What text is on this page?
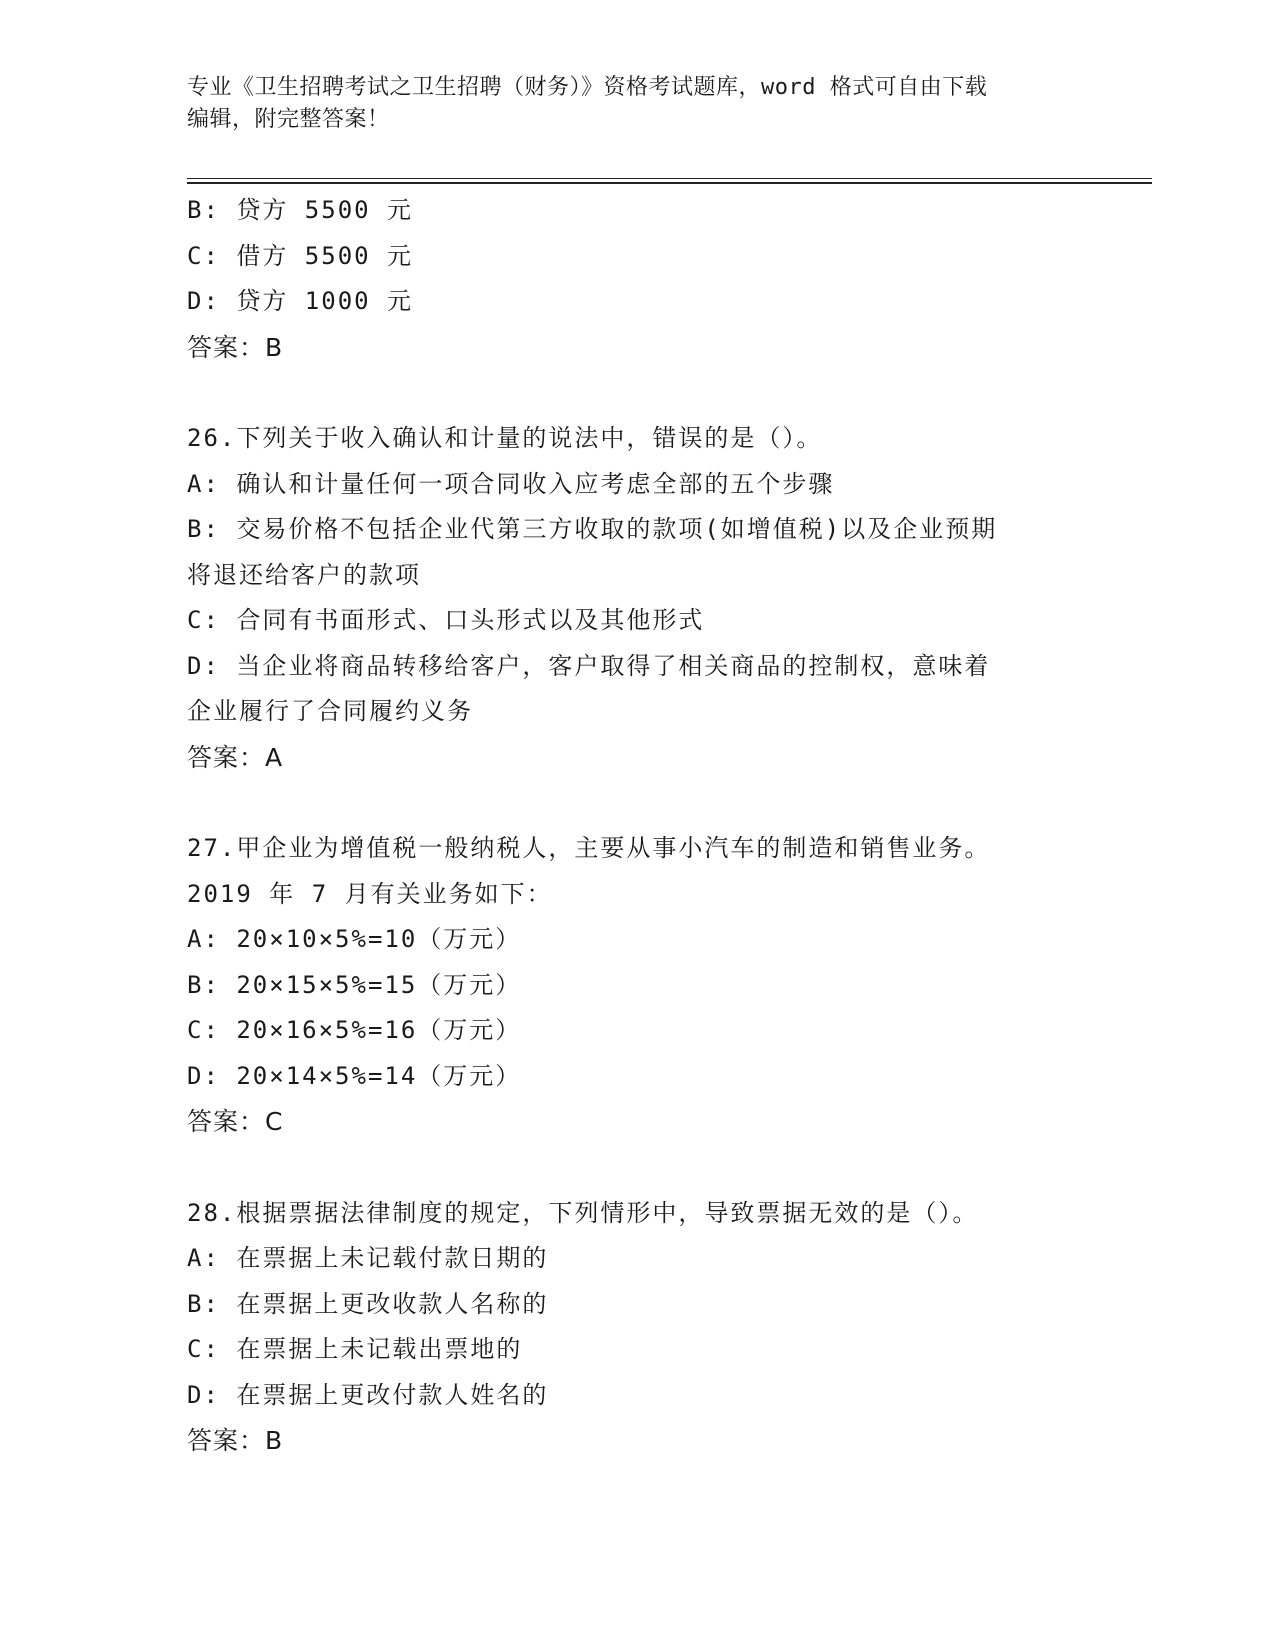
专业《卫生招聘考试之卫生招聘（财务）》资格考试题库，word 格式可自由下载
编辑，附完整答案！
B: 贷方 5500 元
C: 借方 5500 元
D: 贷方 1000 元
答案：B
26.下列关于收入确认和计量的说法中，错误的是（）。
A: 确认和计量任何一项合同收入应考虑全部的五个步骤
B: 交易价格不包括企业代第三方收取的款项(如增值税)以及企业预期
将退还给客户的款项
C: 合同有书面形式、口头形式以及其他形式
D: 当企业将商品转移给客户，客户取得了相关商品的控制权，意味着
企业履行了合同履约义务
答案：A
27.甲企业为增值税一般纳税人，主要从事小汽车的制造和销售业务。
2019 年 7 月有关业务如下：
A: 20×10×5%=10（万元）
B: 20×15×5%=15（万元）
C: 20×16×5%=16（万元）
D: 20×14×5%=14（万元）
答案：C
28.根据票据法律制度的规定，下列情形中，导致票据无效的是（）。
A: 在票据上未记载付款日期的
B: 在票据上更改收款人名称的
C: 在票据上未记载出票地的
D: 在票据上更改付款人姓名的
答案：B
